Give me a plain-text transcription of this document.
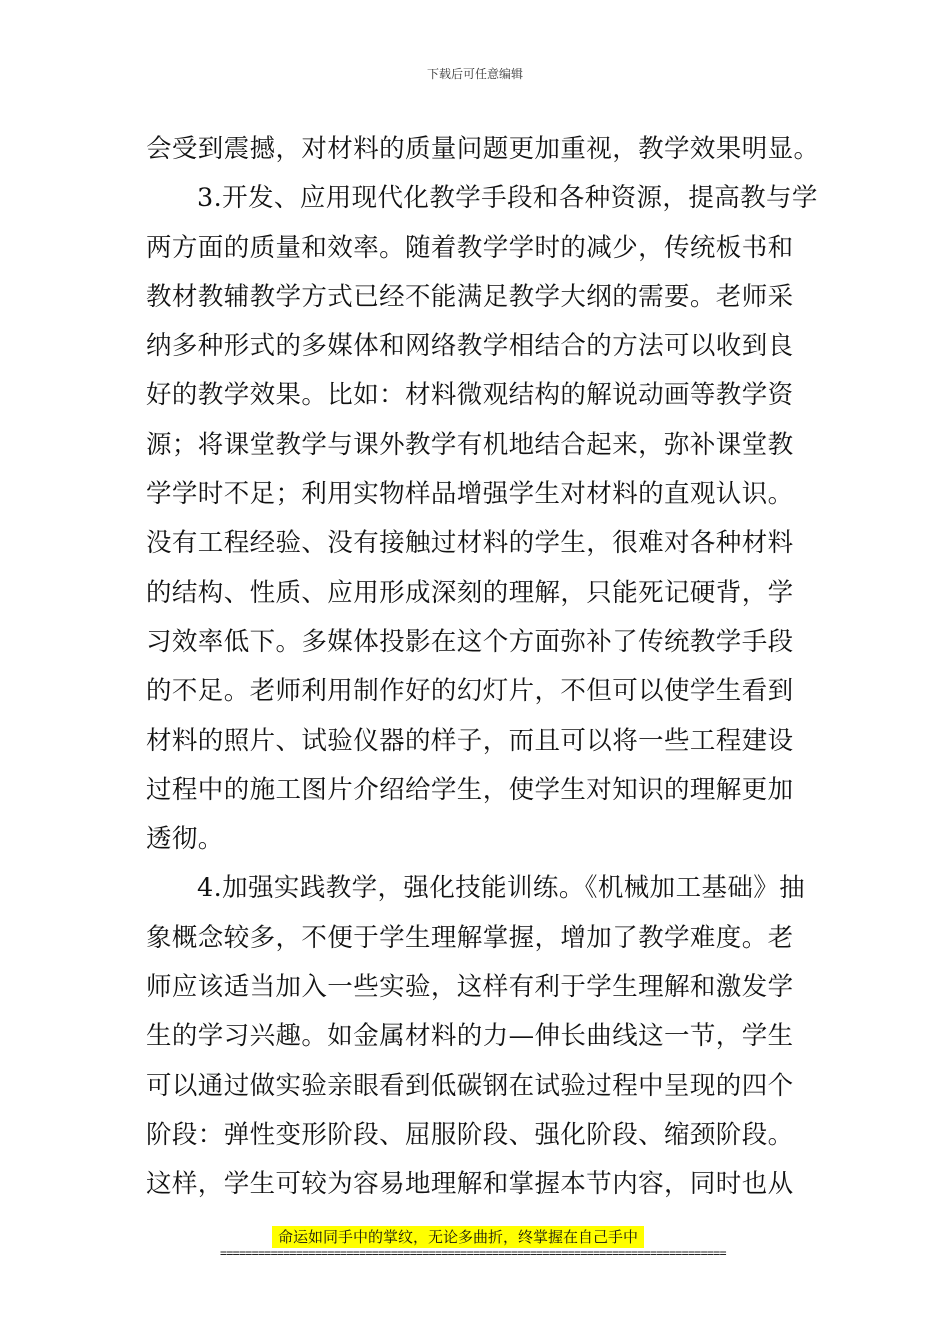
下载后可任意编辑
会受到震撼，对材料的质量问题更加重视，教学效果明显。
3.开发、应用现代化教学手段和各种资源，提高教与学
两方面的质量和效率。随着教学学时的减少，传统板书和
教材教辅教学方式已经不能满足教学大纲的需要。老师采
纳多种形式的多媒体和网络教学相结合的方法可以收到良
好的教学效果。比如：材料微观结构的解说动画等教学资
源；将课堂教学与课外教学有机地结合起来，弥补课堂教
学学时不足；利用实物样品增强学生对材料的直观认识。
没有工程经验、没有接触过材料的学生，很难对各种材料
的结构、性质、应用形成深刻的理解，只能死记硬背，学
习效率低下。多媒体投影在这个方面弥补了传统教学手段
的不足。老师利用制作好的幻灯片，不但可以使学生看到
材料的照片、试验仪器的样子，而且可以将一些工程建设
过程中的施工图片介绍给学生，使学生对知识的理解更加
透彻。
4.加强实践教学，强化技能训练。《机械加工基础》抽
象概念较多，不便于学生理解掌握，增加了教学难度。老
师应该适当加入一些实验，这样有利于学生理解和激发学
生的学习兴趣。如金属材料的力—伸长曲线这一节，学生
可以通过做实验亲眼看到低碳钢在试验过程中呈现的四个
阶段：弹性变形阶段、屈服阶段、强化阶段、缩颈阶段。
这样，学生可较为容易地理解和掌握本节内容，同时也从
命运如同手中的掌纹，无论多曲折，终掌握在自己手中
================================================================================
